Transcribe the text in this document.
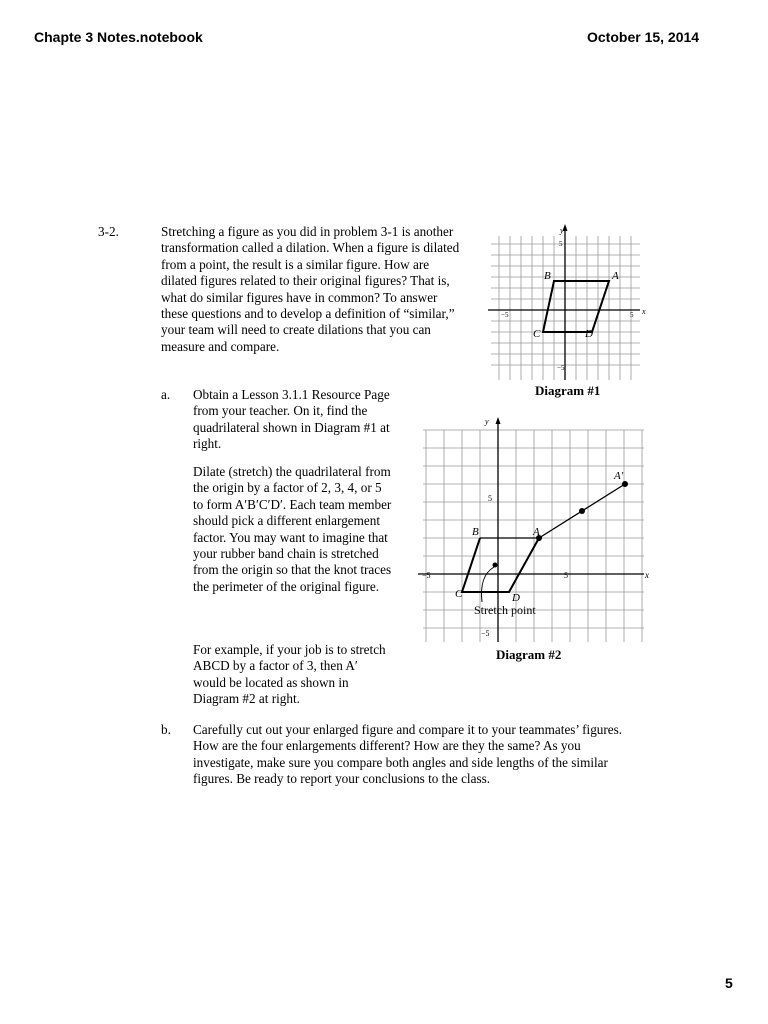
Chapte 3 Notes.notebook	October 15, 2014
3-2.	Stretching a figure as you did in problem 3-1 is another transformation called a dilation. When a figure is dilated from a point, the result is a similar figure. How are dilated figures related to their original figures? That is, what do similar figures have in common? To answer these questions and to develop a definition of “similar,” your team will need to create dilations that you can measure and compare.

y
x
−5	5
5
−5
B	A
C	D
Diagram #1
a. Obtain a Lesson 3.1.1 Resource Page from your teacher. On it, find the quadrilateral shown in Diagram #1 at right.

Dilate (stretch) the quadrilateral from the origin by a factor of 2, 3, 4, or 5 to form A′B′C′D′. Each team member should pick a different enlargement factor. You may want to imagine that your rubber band chain is stretched from the origin so that the knot traces the perimeter of the original figure.

For example, if your job is to stretch ABCD by a factor of 3, then A′ would be located as shown in Diagram #2 at right.

y
x
−5	5
5
−5
B	A
C	D
A′
Stretch point
Diagram #2
b. Carefully cut out your enlarged figure and compare it to your teammates’ figures. How are the four enlargements different? How are they the same? As you investigate, make sure you compare both angles and side lengths of the similar figures. Be ready to report your conclusions to the class.

5
